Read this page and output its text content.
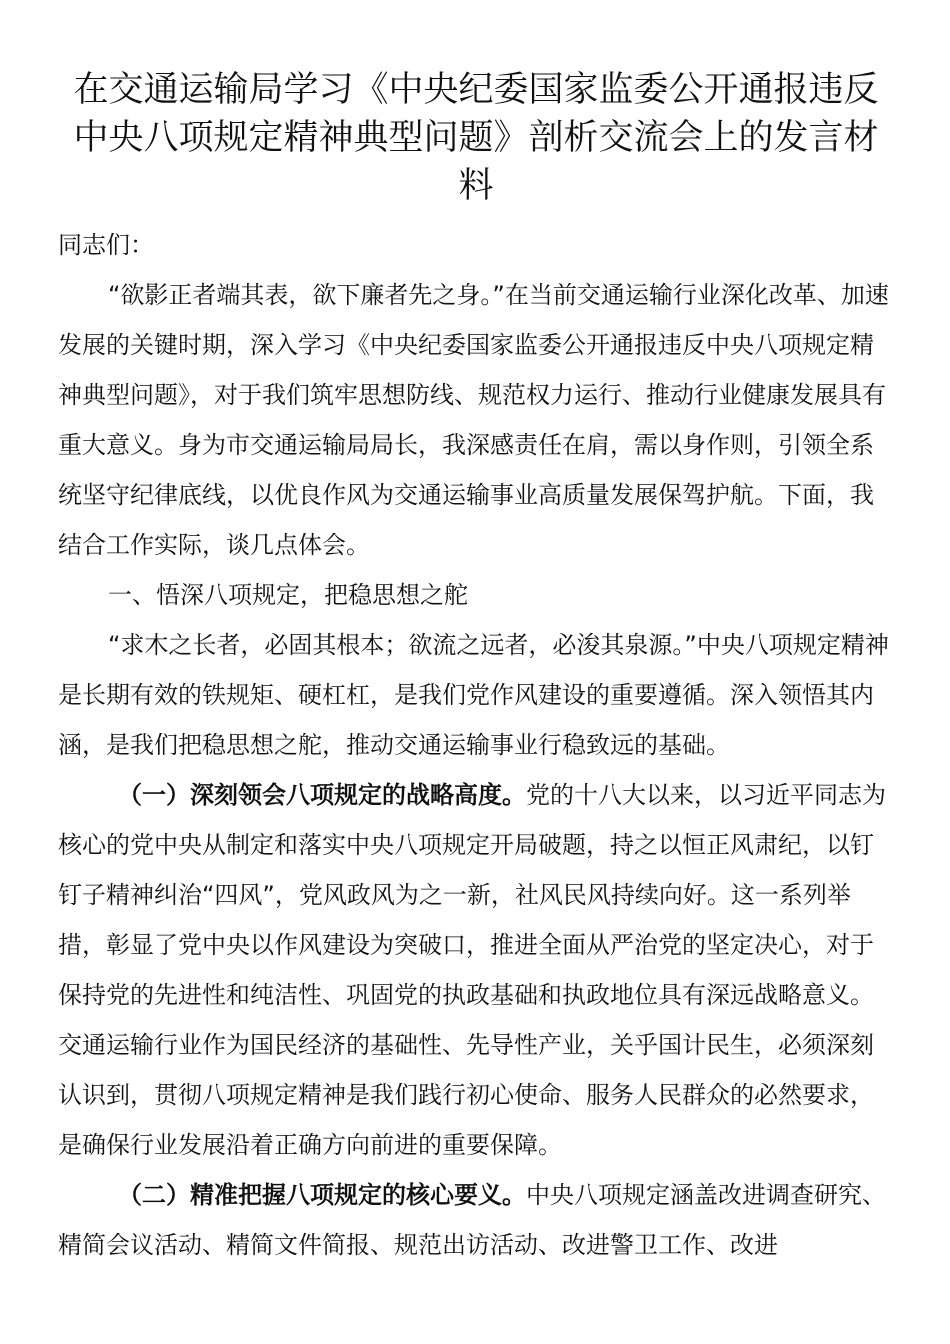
在交通运输局学习《中央纪委国家监委公开通报违反中央八项规定精神典型问题》剖析交流会上的发言材料

同志们：

“欲影正者端其表，欲下廉者先之身。”在当前交通运输行业深化改革、加速发展的关键时期，深入学习《中央纪委国家监委公开通报违反中央八项规定精神典型问题》，对于我们筑牢思想防线、规范权力运行、推动行业健康发展具有重大意义。身为市交通运输局局长，我深感责任在肩，需以身作则，引领全系统坚守纪律底线，以优良作风为交通运输事业高质量发展保驾护航。下面，我结合工作实际，谈几点体会。

一、悟深八项规定，把稳思想之舵

“求木之长者，必固其根本；欲流之远者，必浚其泉源。”中央八项规定精神是长期有效的铁规矩、硬杠杠，是我们党作风建设的重要遵循。深入领悟其内涵，是我们把稳思想之舵，推动交通运输事业行稳致远的基础。

（一）深刻领会八项规定的战略高度。党的十八大以来，以习近平同志为核心的党中央从制定和落实中央八项规定开局破题，持之以恒正风肃纪，以钉钉子精神纠治“四风”，党风政风为之一新，社风民风持续向好。这一系列举措，彰显了党中央以作风建设为突破口，推进全面从严治党的坚定决心，对于保持党的先进性和纯洁性、巩固党的执政基础和执政地位具有深远战略意义。交通运输行业作为国民经济的基础性、先导性产业，关乎国计民生，必须深刻认识到，贯彻八项规定精神是我们践行初心使命、服务人民群众的必然要求，是确保行业发展沿着正确方向前进的重要保障。

（二）精准把握八项规定的核心要义。中央八项规定涵盖改进调查研究、精简会议活动、精简文件简报、规范出访活动、改进警卫工作、改进
